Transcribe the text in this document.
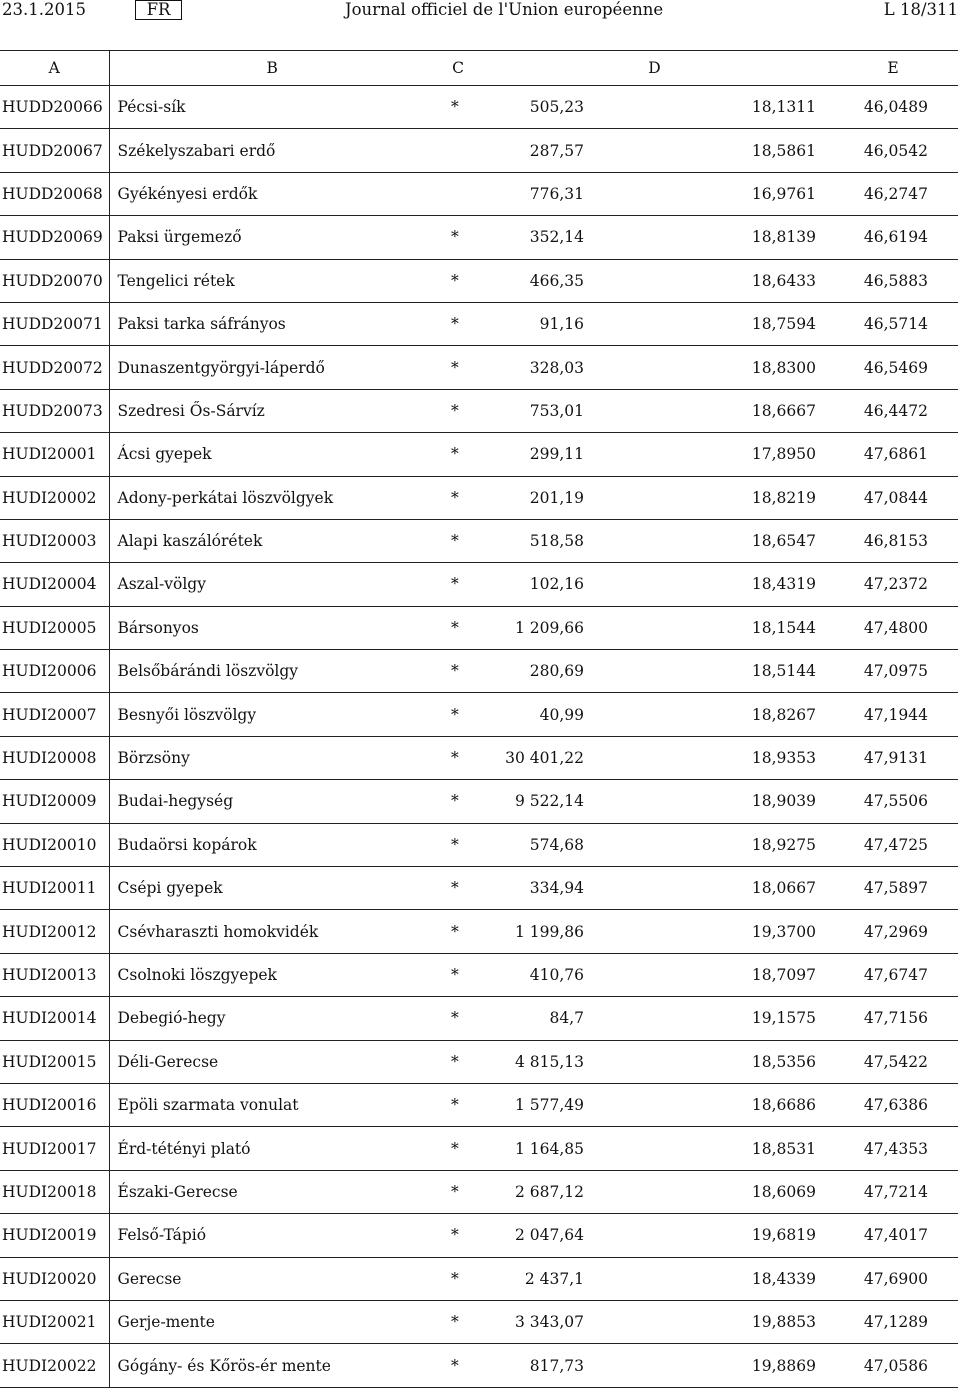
23.1.2015	FR	Journal officiel de l'Union européenne	L 18/311
A	B	C	D		E
HUDD20066	Pécsi-sík	*	505,23	18,1311	46,0489
HUDD20067	Székelyszabari erdő		287,57	18,5861	46,0542
HUDD20068	Gyékényesi erdők		776,31	16,9761	46,2747
HUDD20069	Paksi ürgemező	*	352,14	18,8139	46,6194
HUDD20070	Tengelici rétek	*	466,35	18,6433	46,5883
HUDD20071	Paksi tarka sáfrányos	*	91,16	18,7594	46,5714
HUDD20072	Dunaszentgyörgyi-láperdő	*	328,03	18,8300	46,5469
HUDD20073	Szedresi Ős-Sárvíz	*	753,01	18,6667	46,4472
HUDI20001	Ácsi gyepek	*	299,11	17,8950	47,6861
HUDI20002	Adony-perkátai löszvölgyek	*	201,19	18,8219	47,0844
HUDI20003	Alapi kaszálórétek	*	518,58	18,6547	46,8153
HUDI20004	Aszal-völgy	*	102,16	18,4319	47,2372
HUDI20005	Bársonyos	*	1 209,66	18,1544	47,4800
HUDI20006	Belsőbárándi löszvölgy	*	280,69	18,5144	47,0975
HUDI20007	Besnyői löszvölgy	*	40,99	18,8267	47,1944
HUDI20008	Börzsöny	*	30 401,22	18,9353	47,9131
HUDI20009	Budai-hegység	*	9 522,14	18,9039	47,5506
HUDI20010	Budaörsi kopárok	*	574,68	18,9275	47,4725
HUDI20011	Csépi gyepek	*	334,94	18,0667	47,5897
HUDI20012	Csévharaszti homokvidék	*	1 199,86	19,3700	47,2969
HUDI20013	Csolnoki löszgyepek	*	410,76	18,7097	47,6747
HUDI20014	Debegió-hegy	*	84,7	19,1575	47,7156
HUDI20015	Déli-Gerecse	*	4 815,13	18,5356	47,5422
HUDI20016	Epöli szarmata vonulat	*	1 577,49	18,6686	47,6386
HUDI20017	Érd-tétényi plató	*	1 164,85	18,8531	47,4353
HUDI20018	Északi-Gerecse	*	2 687,12	18,6069	47,7214
HUDI20019	Felső-Tápió	*	2 047,64	19,6819	47,4017
HUDI20020	Gerecse	*	2 437,1	18,4339	47,6900
HUDI20021	Gerje-mente	*	3 343,07	19,8853	47,1289
HUDI20022	Gógány- és Kőrös-ér mente	*	817,73	19,8869	47,0586
